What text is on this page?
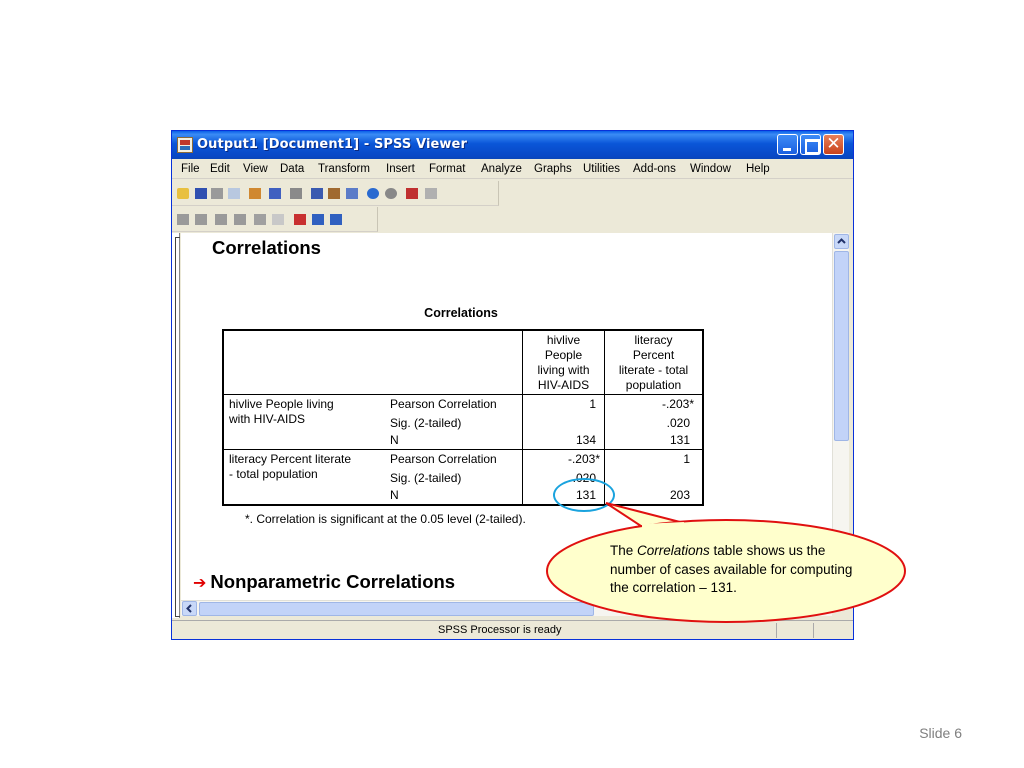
Output1 [Document1] - SPSS Viewer	✕
File Edit View Data Transform Insert Format Analyze Graphs Utilities Add-ons Window Help
Correlations
Correlations
hivlive
People
living with
HIV-AIDS
literacy
Percent
literate - total
population
hivlive People living
with HIV-AIDS
Pearson Correlation
Sig. (2-tailed)
N
1
134
-.203*
.020
131
literacy Percent literate
- total population
Pearson Correlation
Sig. (2-tailed)
N
-.203*
.020
131
1
203
*. Correlation is significant at the 0.05 level (2-tailed).
➔ Nonparametric Correlations
SPSS Processor is ready
The Correlations table shows us the number of cases available for computing the correlation – 131.
Slide 6
